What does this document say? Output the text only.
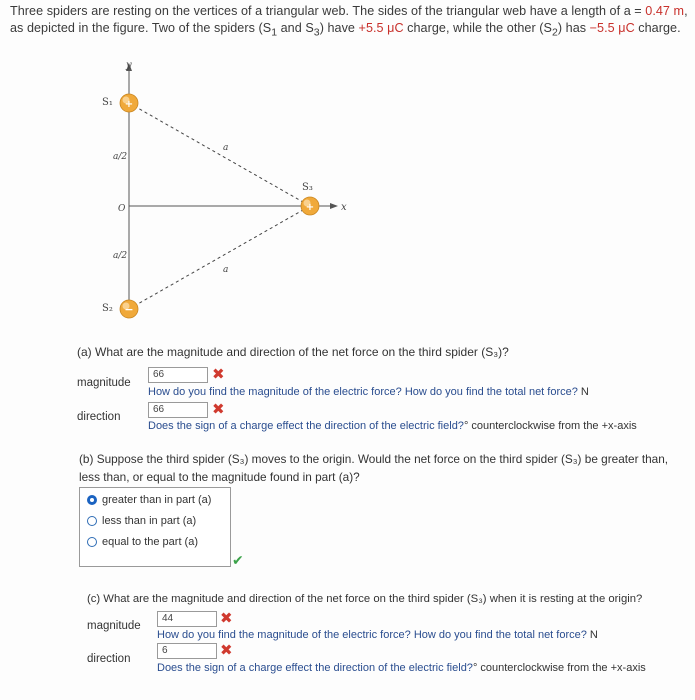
Three spiders are resting on the vertices of a triangular web. The sides of the triangular web have a length of a = 0.47 m,
as depicted in the figure. Two of the spiders ($S_1$ and $S_3$) have +5.5 μC charge, while the other $(S_2)$ has −5.5 μC charge.
y
x
a
a
a/2
a/2
O
S₁ +
S₂ −
S₃
+
(a) What are the magnitude and direction of the net force on the third spider (S₃)?
magnitude
66	✖
How do you find the magnitude of the electric force? How do you find the total net force? N
direction
66	✖
Does the sign of a charge effect the direction of the electric field?° counterclockwise from the +x-axis
(b) Suppose the third spider (S₃) moves to the origin. Would the net force on the third spider (S₃) be greater than,
less than, or equal to the magnitude found in part (a)?
greater than in part (a)
less than in part (a)
equal to the part (a)
✔
(c) What are the magnitude and direction of the net force on the third spider (S₃) when it is resting at the origin?
magnitude
44	✖
How do you find the magnitude of the electric force? How do you find the total net force? N
direction
6	✖
Does the sign of a charge effect the direction of the electric field?° counterclockwise from the +x-axis
